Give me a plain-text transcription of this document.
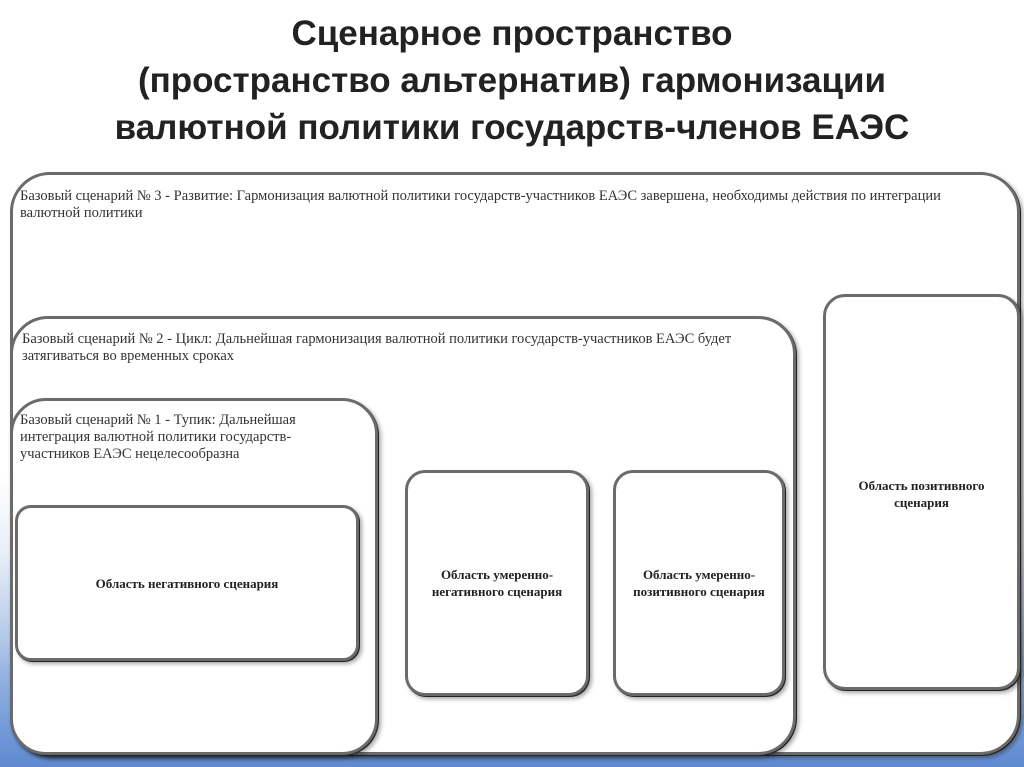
Сценарное пространство
(пространство альтернатив) гармонизации
валютной политики государств-членов ЕАЭС
Базовый сценарий № 3 - Развитие: Гармонизация валютной политики государств-участников ЕАЭС завершена, необходимы действия по интеграции валютной политики
Базовый сценарий № 2 - Цикл: Дальнейшая гармонизация валютной политики государств-участников ЕАЭС будет затягиваться во временных сроках
Базовый сценарий № 1 - Тупик: Дальнейшая интеграция валютной политики государств-участников ЕАЭС нецелесообразна
Область негативного сценария
Область умеренно-негативного сценария
Область умеренно-позитивного сценария
Область позитивного сценария
